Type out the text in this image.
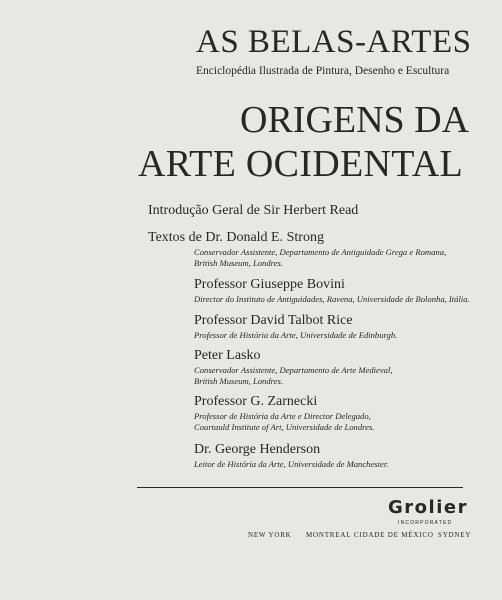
AS BELAS-ARTES
Enciclopédia Ilustrada de Pintura, Desenho e Escultura
ORIGENS DA
ARTE OCIDENTAL
Introdução Geral de Sir Herbert Read
Textos de Dr. Donald E. Strong
Conservador Assistente, Departamento de Antiguidade Grega e Romana,
British Museum, Londres.
Professor Giuseppe Bovini
Director do Instituto de Antiguidades, Ravena, Universidade de Bolonha, Itália.
Professor David Talbot Rice
Professor de História da Arte, Universidade de Edinburgh.
Peter Lasko
Conservador Assistente, Departamento de Arte Medieval,
British Museum, Londres.
Professor G. Zarnecki
Professor de História da Arte e Director Delegado,
Courtauld Institute of Art, Universidade de Londres.
Dr. George Henderson
Leitor de História da Arte, Universidade de Manchester.
Grolier
INCORPORATED
NEW YORK MONTREAL CIDADE DE MÉXICO SYDNEY
